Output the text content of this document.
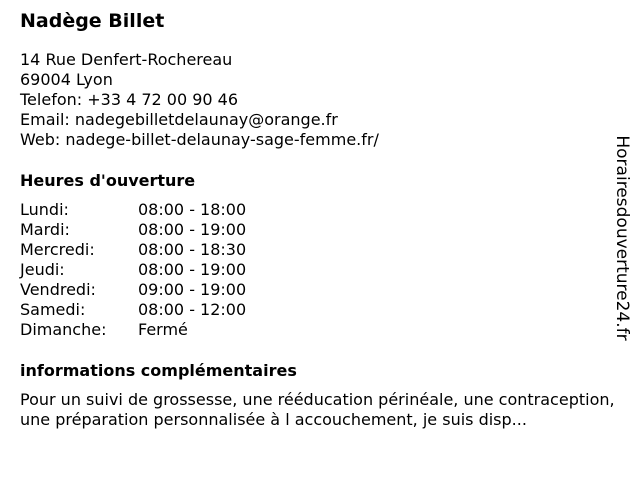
Nadège Billet
14 Rue Denfert-Rochereau
69004 Lyon
Telefon: +33 4 72 00 90 46
Email: nadegebilletdelaunay@orange.fr
Web: nadege-billet-delaunay-sage-femme.fr/
Heures d'ouverture
Lundi:	08:00 - 18:00
Mardi:	08:00 - 19:00
Mercredi:	08:00 - 18:30
Jeudi:	08:00 - 19:00
Vendredi:	09:00 - 19:00
Samedi:	08:00 - 12:00
Dimanche:	Fermé
informations complémentaires
Pour un suivi de grossesse, une rééducation périnéale, une contraception, une préparation personnalisée à l accouchement, je suis disp...
Horairesdouverture24.fr
